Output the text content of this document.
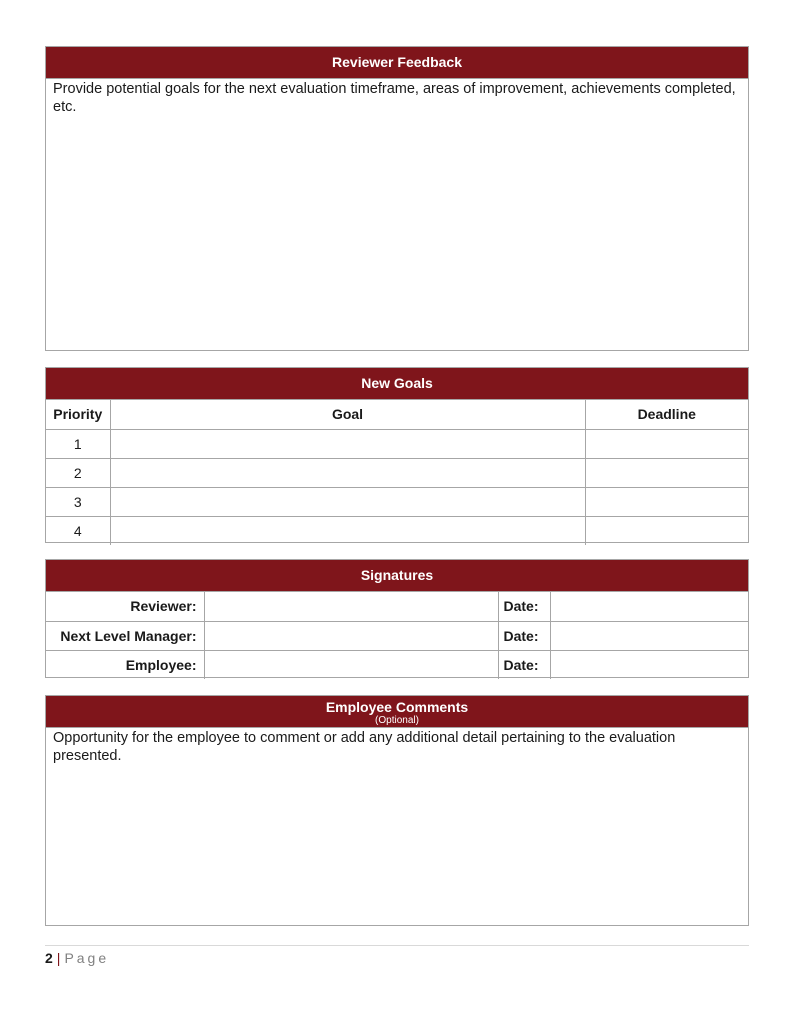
Reviewer Feedback
Provide potential goals for the next evaluation timeframe, areas of improvement, achievements completed, etc.
New Goals
Priority	Goal	Deadline
1		
2		
3		
4		
Signatures
Reviewer:		Date:	
Next Level Manager:		Date:	
Employee:		Date:	
Employee Comments
(Optional)
Opportunity for the employee to comment or add any additional detail pertaining to the evaluation presented.
2 | Page
